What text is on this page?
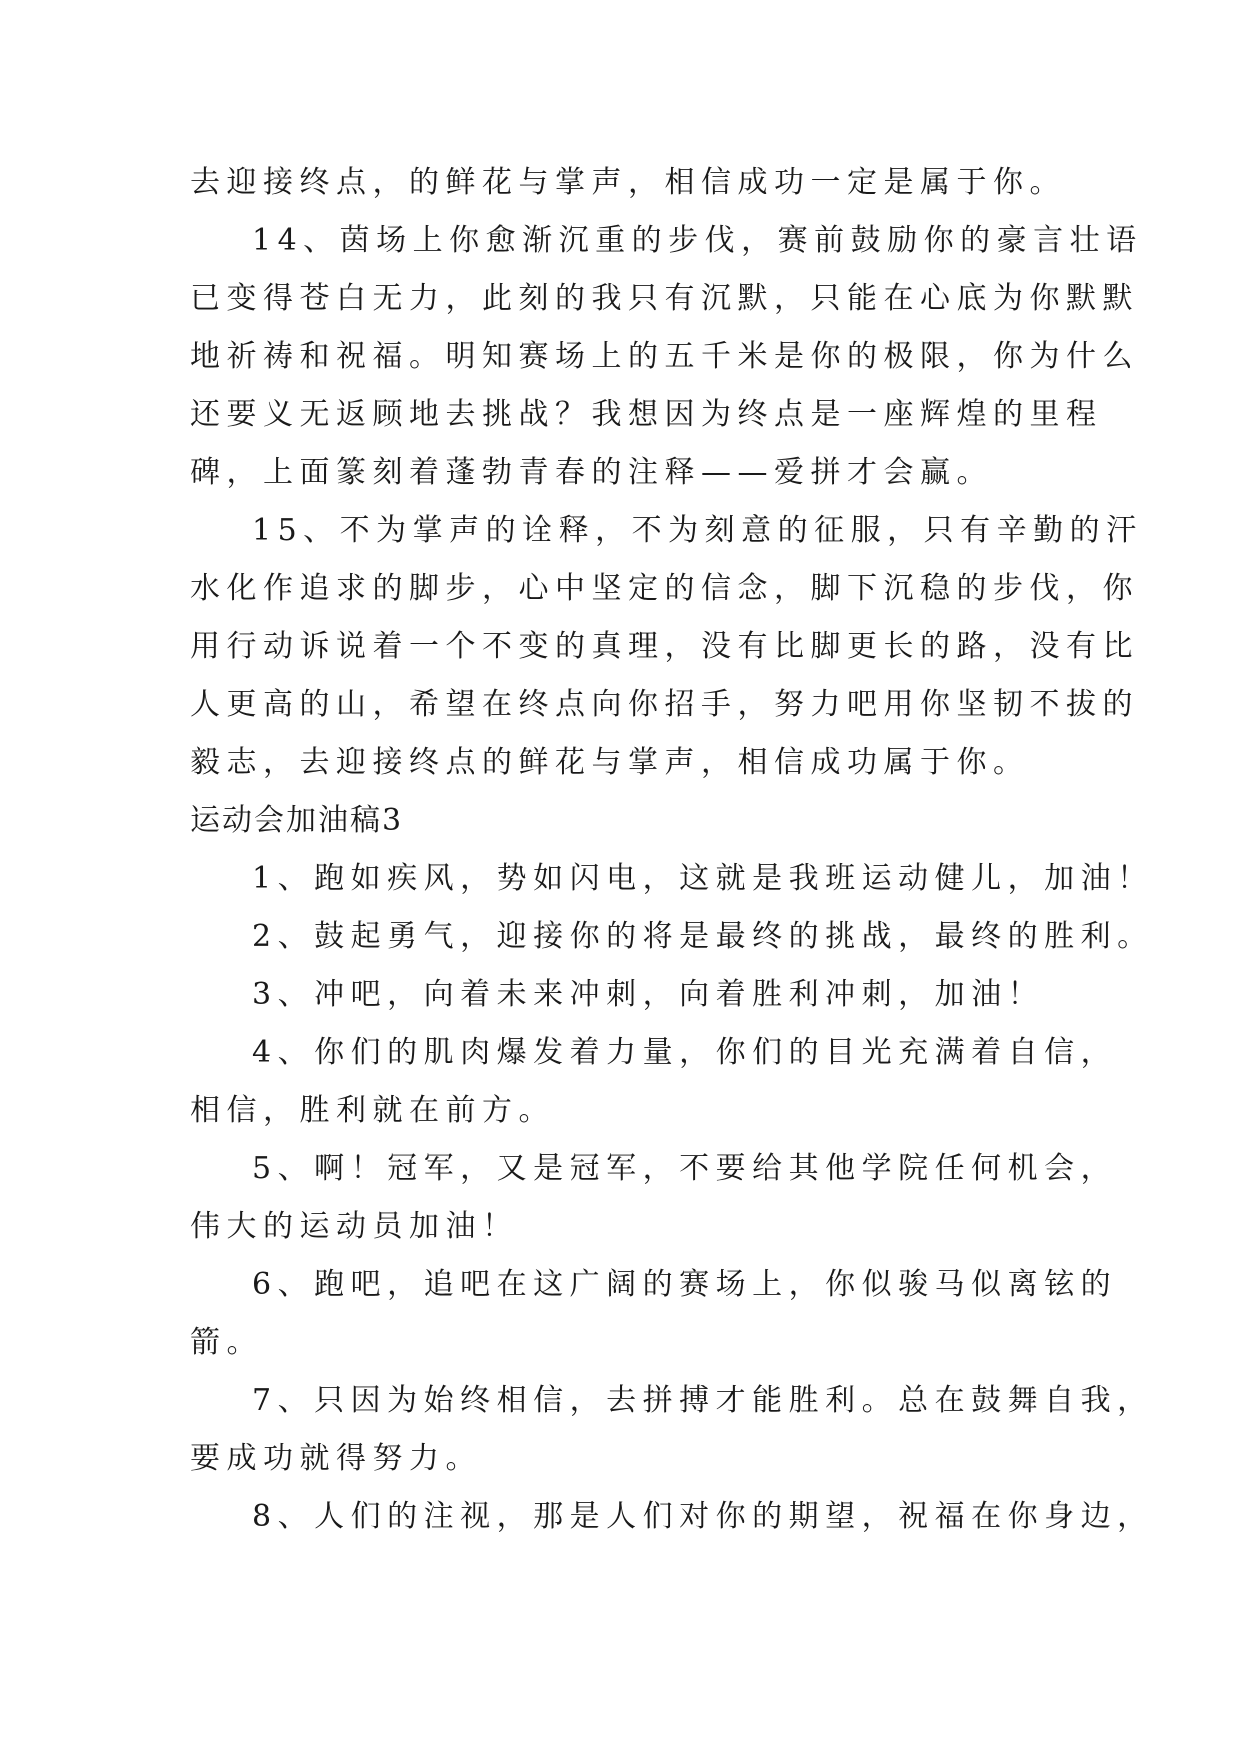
去迎接终点，的鲜花与掌声，相信成功一定是属于你。
14、茵场上你愈渐沉重的步伐，赛前鼓励你的豪言壮语
已变得苍白无力，此刻的我只有沉默，只能在心底为你默默
地祈祷和祝福。明知赛场上的五千米是你的极限，你为什么
还要义无返顾地去挑战？我想因为终点是一座辉煌的里程
碑，上面篆刻着蓬勃青春的注释——爱拼才会赢。
15、不为掌声的诠释，不为刻意的征服，只有辛勤的汗
水化作追求的脚步，心中坚定的信念，脚下沉稳的步伐，你
用行动诉说着一个不变的真理，没有比脚更长的路，没有比
人更高的山，希望在终点向你招手，努力吧用你坚韧不拔的
毅志，去迎接终点的鲜花与掌声，相信成功属于你。
运动会加油稿3
1、跑如疾风，势如闪电，这就是我班运动健儿，加油！
2、鼓起勇气，迎接你的将是最终的挑战，最终的胜利。
3、冲吧，向着未来冲刺，向着胜利冲刺，加油！
4、你们的肌肉爆发着力量，你们的目光充满着自信，
相信，胜利就在前方。
5、啊！冠军，又是冠军，不要给其他学院任何机会，
伟大的运动员加油！
6、跑吧，追吧在这广阔的赛场上，你似骏马似离铉的
箭。
7、只因为始终相信，去拼搏才能胜利。总在鼓舞自我，
要成功就得努力。
8、人们的注视，那是人们对你的期望，祝福在你身边，
